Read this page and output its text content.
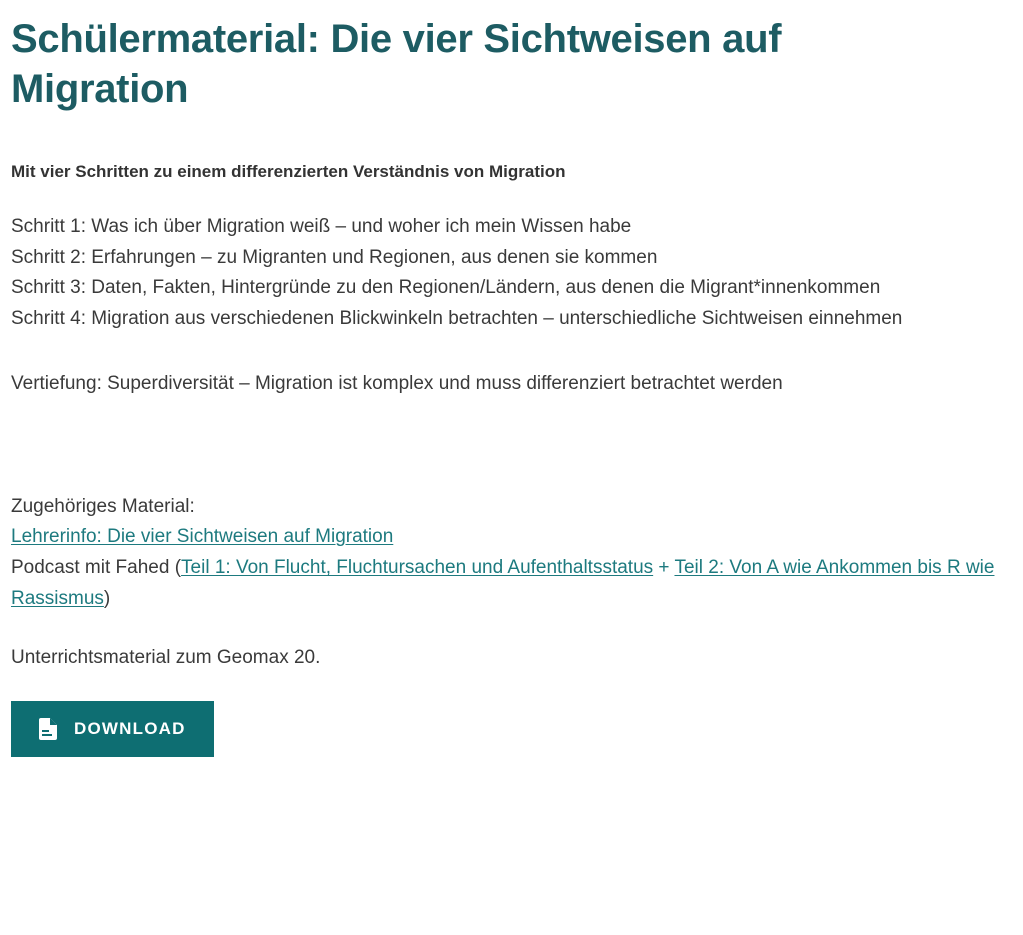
Schülermaterial: Die vier Sichtweisen auf Migration

Mit vier Schritten zu einem differenzierten Verständnis von Migration

Schritt 1: Was ich über Migration weiß – und woher ich mein Wissen habe
Schritt 2: Erfahrungen – zu Migranten und Regionen, aus denen sie kommen
Schritt 3: Daten, Fakten, Hintergründe zu den Regionen/Ländern, aus denen die Migrant*innenkommen
Schritt 4: Migration aus verschiedenen Blickwinkeln betrachten – unterschiedliche Sichtweisen einnehmen

Vertiefung: Superdiversität – Migration ist komplex und muss differenziert betrachtet werden

Zugehöriges Material:
Lehrerinfo: Die vier Sichtweisen auf Migration
Podcast mit Fahed (Teil 1: Von Flucht, Fluchtursachen und Aufenthaltsstatus + Teil 2: Von A wie Ankommen bis R wie Rassismus)

Unterrichtsmaterial zum Geomax 20.

DOWNLOAD
